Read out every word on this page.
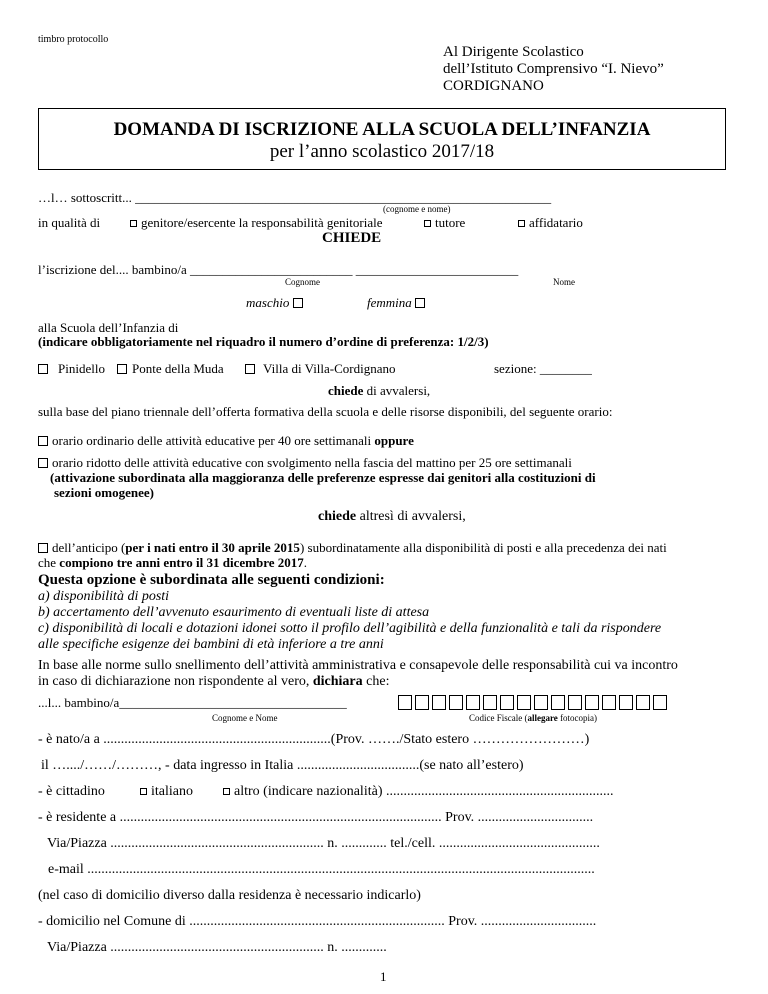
timbro protocollo
Al Dirigente Scolastico
dell’Istituto Comprensivo “I. Nievo”
CORDIGNANO
DOMANDA DI ISCRIZIONE ALLA SCUOLA DELL’INFANZIA
per l’anno scolastico 2017/18
…l… sottoscritt... ________________________________________________________________
(cognome e nome)
in qualità di	genitore/esercente la responsabilità genitoriale	tutore	affidatario
CHIEDE
l’iscrizione del.... bambino/a _________________________ _________________________
Cognome	Nome
maschio	femmina
alla Scuola dell’Infanzia di
(indicare obbligatoriamente nel riquadro il numero d’ordine di preferenza: 1/2/3)
Pinidello	Ponte della Muda	Villa di Villa-Cordignano	sezione: ________
chiede di avvalersi,
sulla base del piano triennale dell’offerta formativa della scuola e delle risorse disponibili, del seguente orario:
orario ordinario delle attività educative per 40 ore settimanali oppure
orario ridotto delle attività educative con svolgimento nella fascia del mattino per 25 ore settimanali
(attivazione subordinata alla maggioranza delle preferenze espresse dai genitori alla costituzioni di
sezioni omogenee)
chiede altresì di avvalersi,
dell’anticipo (per i nati entro il 30 aprile 2015) subordinatamente alla disponibilità di posti e alla precedenza dei nati
che compiono tre anni entro il 31 dicembre 2017.
Questa opzione è subordinata alle seguenti condizioni:
a) disponibilità di posti
b) accertamento dell’avvenuto esaurimento di eventuali liste di attesa
c) disponibilità di locali e dotazioni idonei sotto il profilo dell’agibilità e della funzionalità e tali da rispondere
alle specifiche esigenze dei bambini di età inferiore a tre anni
In base alle norme sullo snellimento dell’attività amministrativa e consapevole delle responsabilità cui va incontro
in caso di dichiarazione non rispondente al vero, dichiara che:
...l... bambino/a___________________________________
Cognome e Nome	Codice Fiscale (allegare fotocopia)
- è nato/a a .................................................................(Prov. ……./Stato estero ……………………)
il …..../……/………, - data ingresso in Italia ...................................(se nato all’estero)
- è cittadino	italiano	altro (indicare nazionalità) .................................................................
- è residente a ............................................................................................ Prov. .................................
Via/Piazza ............................................................. n. ............. tel./cell. ..............................................
e-mail .................................................................................................................................................
(nel caso di domicilio diverso dalla residenza è necessario indicarlo)
- domicilio nel Comune di ......................................................................... Prov. .................................
Via/Piazza ............................................................. n. .............
1
